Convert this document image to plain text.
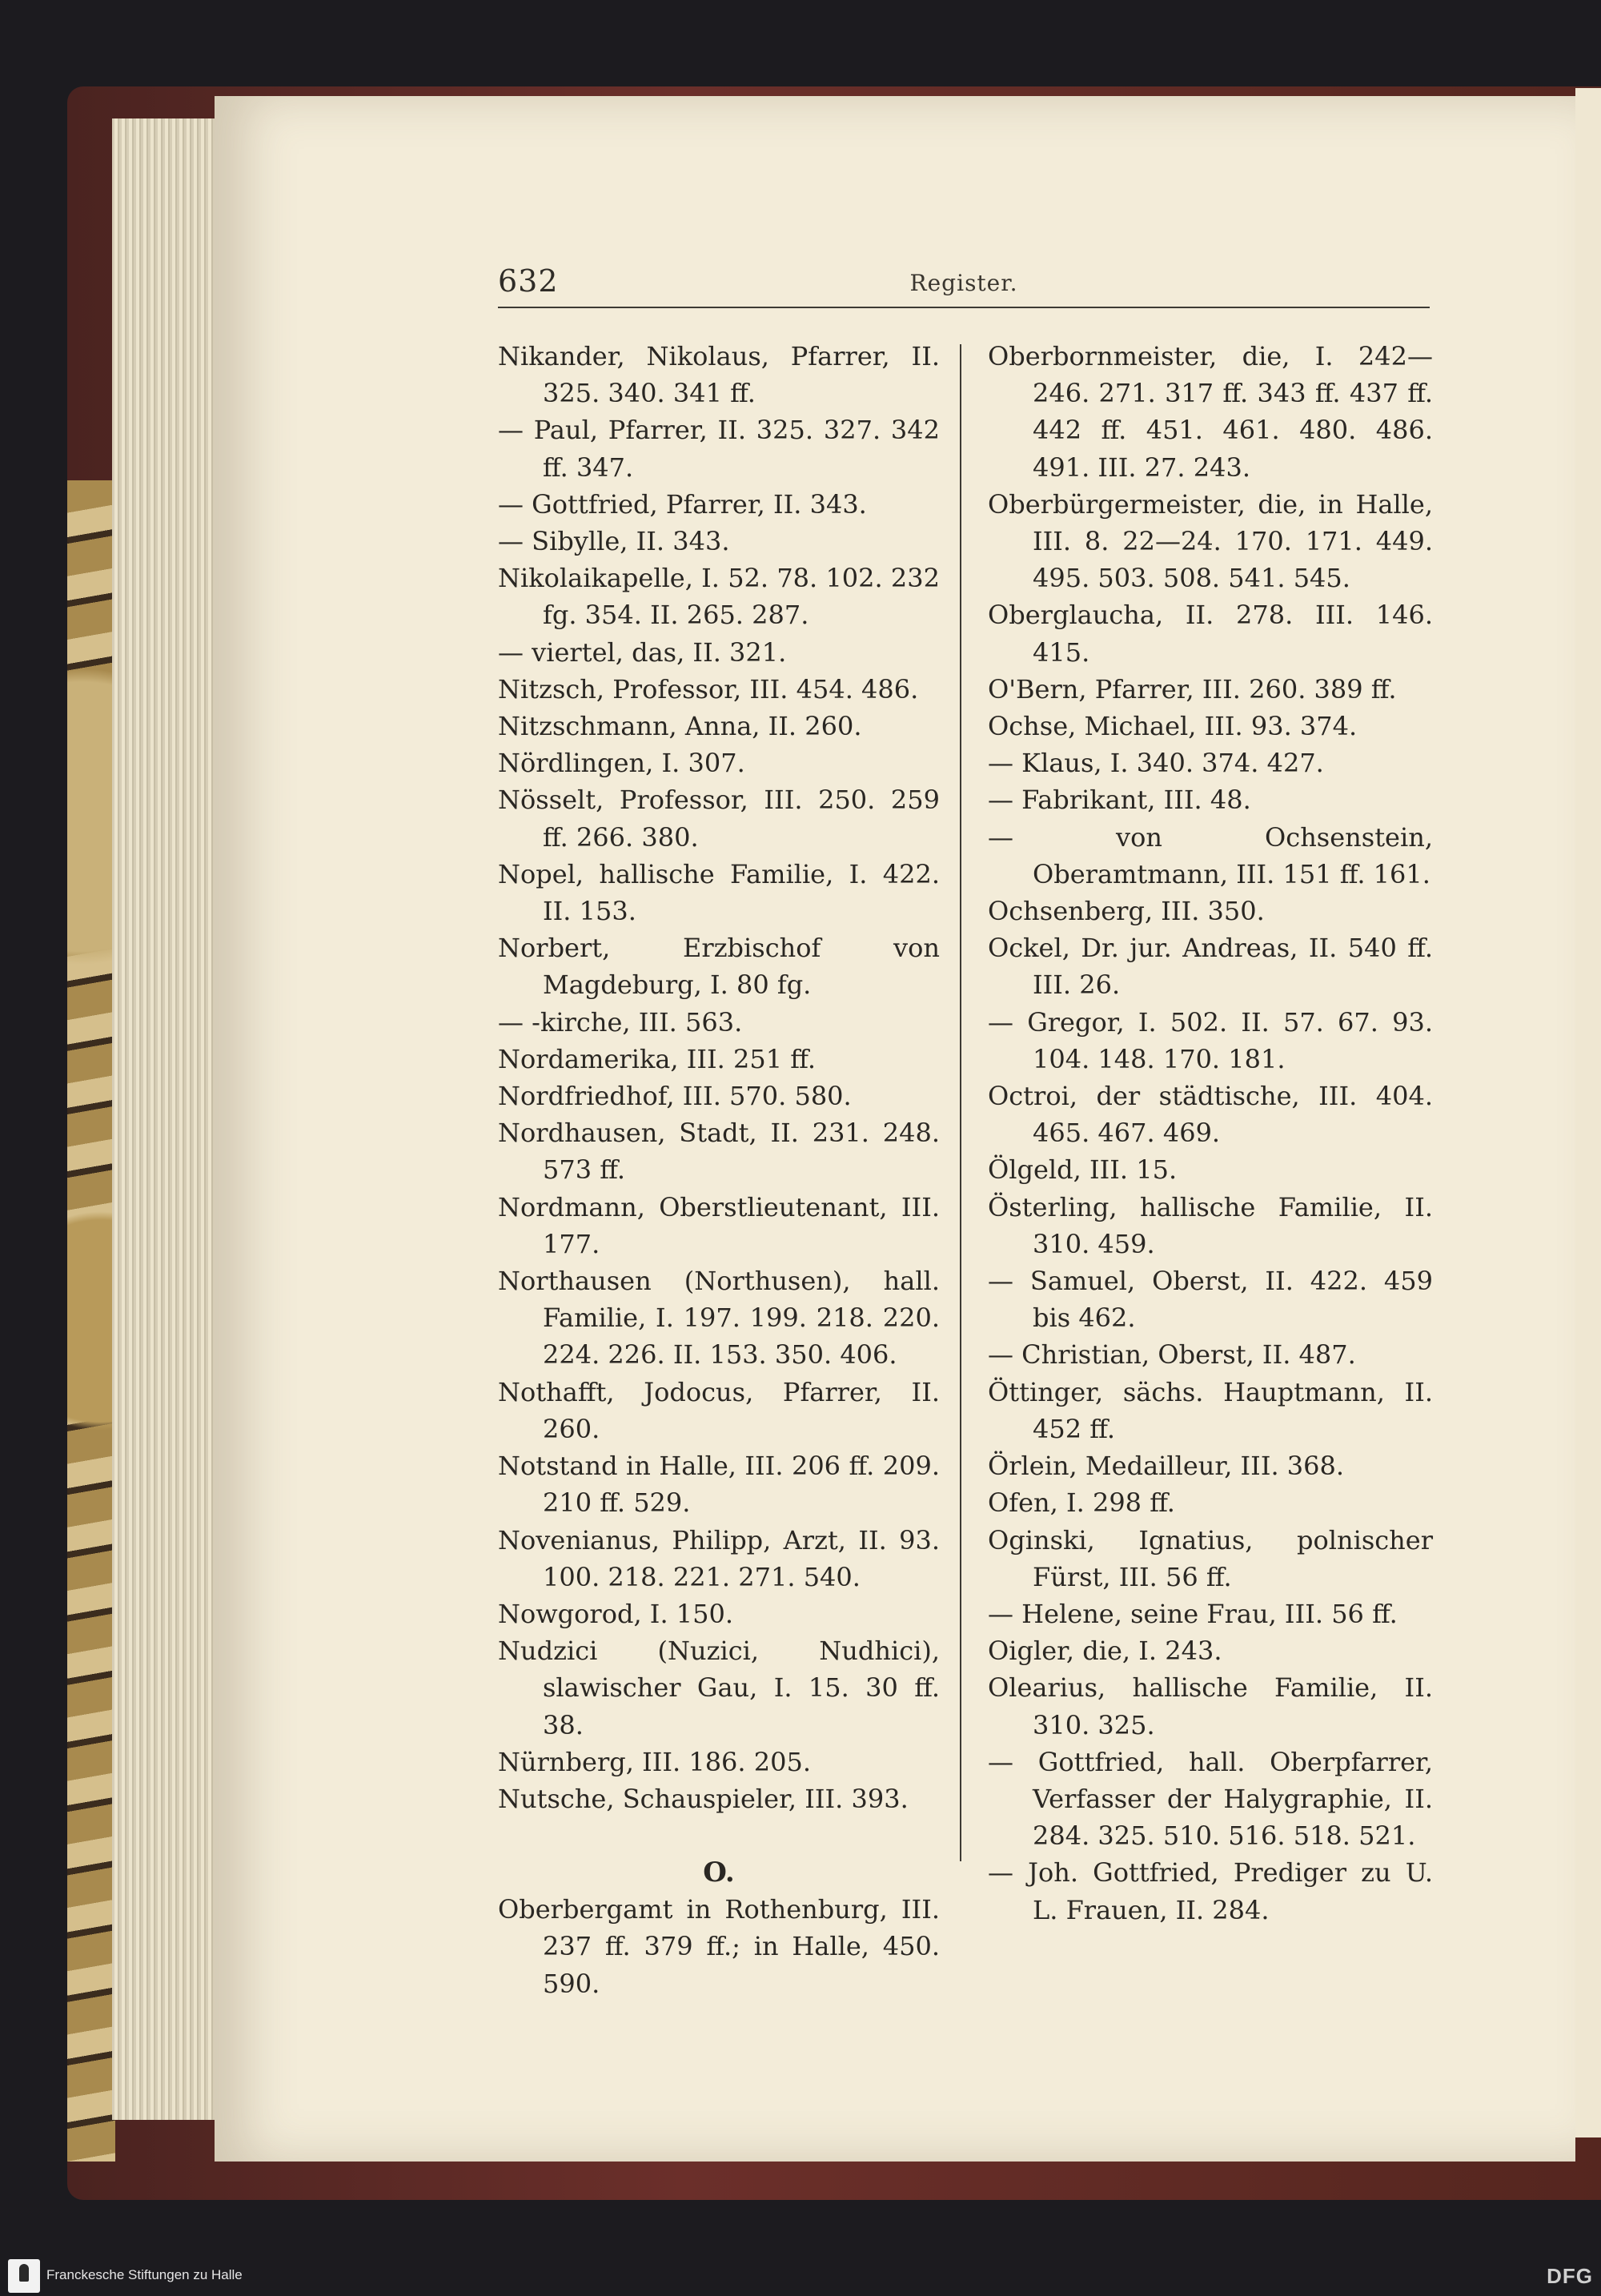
632	Register.

Nikander, Nikolaus, Pfarrer, II. 325. 340. 341 ff.

— Paul, Pfarrer, II. 325. 327. 342 ff. 347.

— Gottfried, Pfarrer, II. 343.

— Sibylle, II. 343.

Nikolaikapelle, I. 52. 78. 102. 232 fg. 354. II. 265. 287.

— viertel, das, II. 321.

Nitzsch, Professor, III. 454. 486.

Nitzschmann, Anna, II. 260.

Nördlingen, I. 307.

Nösselt, Professor, III. 250. 259 ff. 266. 380.

Nopel, hallische Familie, I. 422. II. 153.

Norbert, Erzbischof von Magdeburg, I. 80 fg.

— -kirche, III. 563.

Nordamerika, III. 251 ff.

Nordfriedhof, III. 570. 580.

Nordhausen, Stadt, II. 231. 248. 573 ff.

Nordmann, Oberstlieutenant, III. 177.

Northausen (Northusen), hall. Familie, I. 197. 199. 218. 220. 224. 226. II. 153. 350. 406.

Nothafft, Jodocus, Pfarrer, II. 260.

Notstand in Halle, III. 206 ff. 209. 210 ff. 529.

Novenianus, Philipp, Arzt, II. 93. 100. 218. 221. 271. 540.

Nowgorod, I. 150.

Nudzici (Nuzici, Nudhici), slawischer Gau, I. 15. 30 ff. 38.

Nürnberg, III. 186. 205.

Nutsche, Schauspieler, III. 393.

O.

Oberbergamt in Rothenburg, III. 237 ff. 379 ff.; in Halle, 450. 590.

Oberbornmeister, die, I. 242—246. 271. 317 ff. 343 ff. 437 ff. 442 ff. 451. 461. 480. 486. 491. III. 27. 243.

Oberbürgermeister, die, in Halle, III. 8. 22—24. 170. 171. 449. 495. 503. 508. 541. 545.

Oberglaucha, II. 278. III. 146. 415.

O'Bern, Pfarrer, III. 260. 389 ff.

Ochse, Michael, III. 93. 374.

— Klaus, I. 340. 374. 427.

— Fabrikant, III. 48.

— von Ochsenstein, Oberamtmann, III. 151 ff. 161.

Ochsenberg, III. 350.

Ockel, Dr. jur. Andreas, II. 540 ff. III. 26.

— Gregor, I. 502. II. 57. 67. 93. 104. 148. 170. 181.

Octroi, der städtische, III. 404. 465. 467. 469.

Ölgeld, III. 15.

Österling, hallische Familie, II. 310. 459.

— Samuel, Oberst, II. 422. 459 bis 462.

— Christian, Oberst, II. 487.

Öttinger, sächs. Hauptmann, II. 452 ff.

Örlein, Medailleur, III. 368.

Ofen, I. 298 ff.

Oginski, Ignatius, polnischer Fürst, III. 56 ff.

— Helene, seine Frau, III. 56 ff.

Oigler, die, I. 243.

Olearius, hallische Familie, II. 310. 325.

— Gottfried, hall. Oberpfarrer, Verfasser der Halygraphie, II. 284. 325. 510. 516. 518. 521.

— Joh. Gottfried, Prediger zu U. L. Frauen, II. 284.

Franckesche Stiftungen zu Halle	DFG
